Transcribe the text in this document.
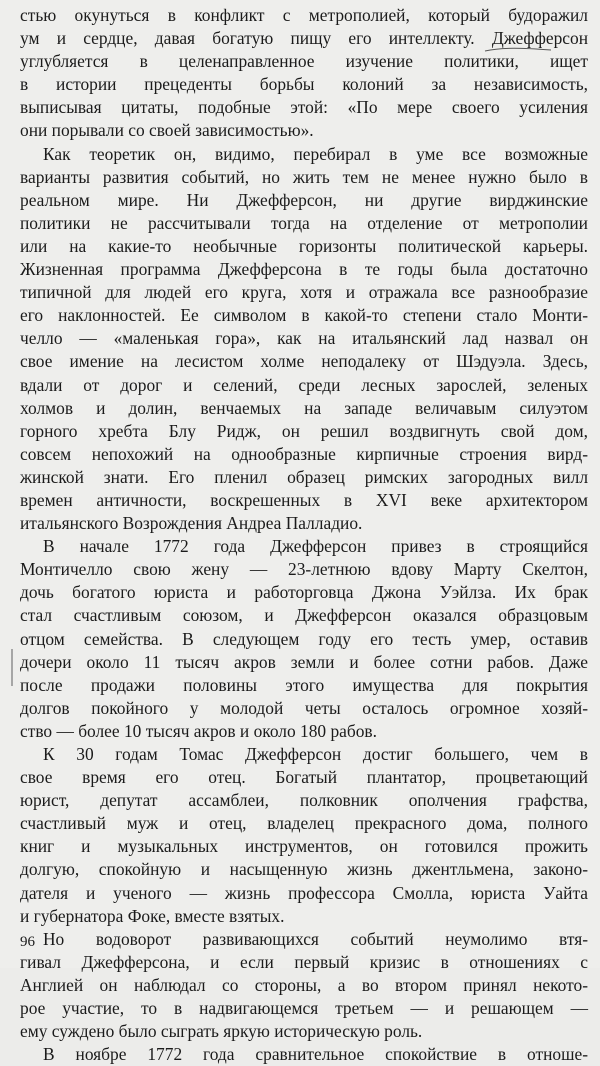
стью окунуться в конфликт с метрополией, который будоражил
ум и сердце, давая богатую пищу его интеллекту. Джефферсон
углубляется в целенаправленное изучение политики, ищет
в истории прецеденты борьбы колоний за независимость,
выписывая цитаты, подобные этой: «По мере своего усиления
они порывали со своей зависимостью».
Как теоретик он, видимо, перебирал в уме все возможные
варианты развития событий, но жить тем не менее нужно было в
реальном мире. Ни Джефферсон, ни другие вирджинские
политики не рассчитывали тогда на отделение от метрополии
или на какие-то необычные горизонты политической карьеры.
Жизненная программа Джефферсона в те годы была достаточно
типичной для людей его круга, хотя и отражала все разнообразие
его наклонностей. Ее символом в какой-то степени стало Монти-
челло — «маленькая гора», как на итальянский лад назвал он
свое имение на лесистом холме неподалеку от Шэдуэла. Здесь,
вдали от дорог и селений, среди лесных зарослей, зеленых
холмов и долин, венчаемых на западе величавым силуэтом
горного хребта Блу Ридж, он решил воздвигнуть свой дом,
совсем непохожий на однообразные кирпичные строения вирд-
жинской знати. Его пленил образец римских загородных вилл
времен античности, воскрешенных в XVI веке архитектором
итальянского Возрождения Андреа Палладио.
В начале 1772 года Джефферсон привез в строящийся
Монтичелло свою жену — 23-летнюю вдову Марту Скелтон,
дочь богатого юриста и работорговца Джона Уэйлза. Их брак
стал счастливым союзом, и Джефферсон оказался образцовым
отцом семейства. В следующем году его тесть умер, оставив
дочери около 11 тысяч акров земли и более сотни рабов. Даже
после продажи половины этого имущества для покрытия
долгов покойного у молодой четы осталось огромное хозяй-
ство — более 10 тысяч акров и около 180 рабов.
К 30 годам Томас Джефферсон достиг большего, чем в
свое время его отец. Богатый плантатор, процветающий
юрист, депутат ассамблеи, полковник ополчения графства,
счастливый муж и отец, владелец прекрасного дома, полного
книг и музыкальных инструментов, он готовился прожить
долгую, спокойную и насыщенную жизнь джентльмена, законо-
дателя и ученого — жизнь профессора Смолла, юриста Уайта
и губернатора Фоке, вместе взятых.
Но водоворот развивающихся событий неумолимо втя-
гивал Джефферсона, и если первый кризис в отношениях с
Англией он наблюдал со стороны, а во втором принял некото-
рое участие, то в надвигающемся третьем — и решающем —
ему суждено было сыграть яркую историческую роль.
В ноябре 1772 года сравнительное спокойствие в отноше-
96
